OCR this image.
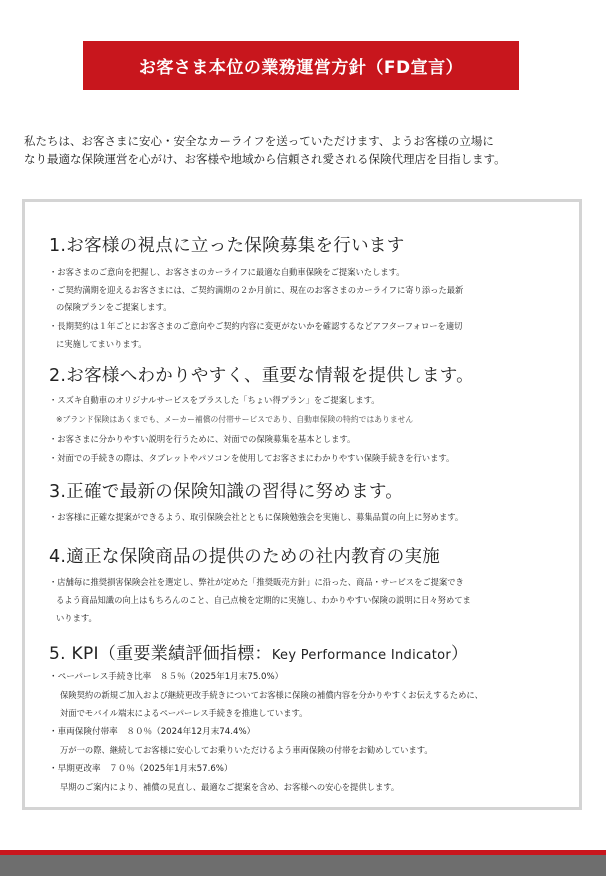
お客さま本位の業務運営方針（FD宣言）

私たちは、お客さまに安心・安全なカーライフを送っていただけます、ようお客様の立場に

なり最適な保険運営を心がけ、お客様や地域から信頼され愛される保険代理店を目指します。

1.お客様の視点に立った保険募集を行います
・お客さまのご意向を把握し、お客さまのカーライフに最適な自動車保険をご提案いたします。
・ご契約満期を迎えるお客さまには、ご契約満期の２か月前に、現在のお客さまのカーライフに寄り添った最新
の保険プランをご提案します。
・長期契約は１年ごとにお客さまのご意向やご契約内容に変更がないかを確認するなどアフターフォローを適切
に実施してまいります。
2.お客様へわかりやすく、重要な情報を提供します。
・スズキ自動車のオリジナルサービスをプラスした「ちょい得プラン」をご提案します。
※ブランド保険はあくまでも、メーカー補償の付帯サービスであり、自動車保険の特約ではありません
・お客さまに分かりやすい説明を行うために、対面での保険募集を基本とします。
・対面での手続きの際は、タブレットやパソコンを使用してお客さまにわかりやすい保険手続きを行います。
3.正確で最新の保険知識の習得に努めます。
・お客様に正確な提案ができるよう、取引保険会社とともに保険勉強会を実施し、募集品質の向上に努めます。
4.適正な保険商品の提供のための社内教育の実施
・店舗毎に推奨損害保険会社を選定し、弊社が定めた「推奨販売方針」に沿った、商品・サービスをご提案でき
るよう商品知識の向上はもちろんのこと、自己点検を定期的に実施し、わかりやすい保険の説明に日々努めてま
いります。
5. KPI（重要業績評価指標：Key Performance Indicator）
・ペーパーレス手続き比率　８５％（2025年1月末75.0%）
保険契約の新規ご加入および継続更改手続きについてお客様に保険の補償内容を分かりやすくお伝えするために、
対面でモバイル端末によるペーパーレス手続きを推進しています。
・車両保険付帯率　８０％（2024年12月末74.4%）
万が一の際、継続してお客様に安心してお乗りいただけるよう車両保険の付帯をお勧めしています。
・早期更改率　７０％（2025年1月末57.6%）
早期のご案内により、補償の見直し、最適なご提案を含め、お客様への安心を提供します。
